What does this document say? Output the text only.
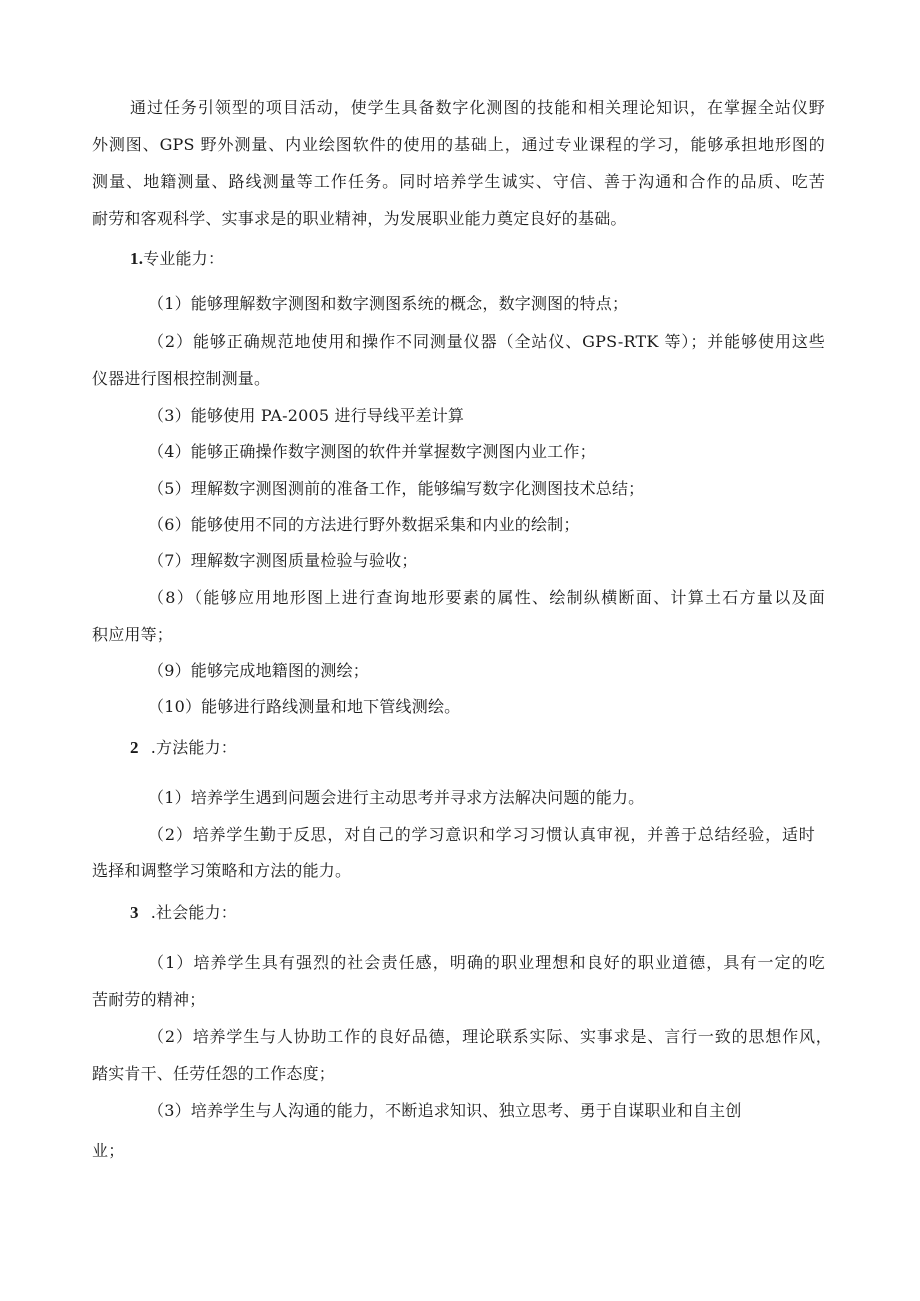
通过任务引领型的项目活动，使学生具备数字化测图的技能和相关理论知识，在掌握全站仪野
外测图、GPS 野外测量、内业绘图软件的使用的基础上，通过专业课程的学习，能够承担地形图的
测量、地籍测量、路线测量等工作任务。同时培养学生诚实、守信、善于沟通和合作的品质、吃苦
耐劳和客观科学、实事求是的职业精神，为发展职业能力奠定良好的基础。
1.专业能力：
（1）能够理解数字测图和数字测图系统的概念，数字测图的特点；
（2）能够正确规范地使用和操作不同测量仪器（全站仪、GPS-RTK 等）；并能够使用这些
仪器进行图根控制测量。
（3）能够使用 PA-2005 进行导线平差计算
（4）能够正确操作数字测图的软件并掌握数字测图内业工作；
（5）理解数字测图测前的准备工作，能够编写数字化测图技术总结；
（6）能够使用不同的方法进行野外数据采集和内业的绘制；
（7）理解数字测图质量检验与验收；
（8）（能够应用地形图上进行查询地形要素的属性、绘制纵横断面、计算土石方量以及面
积应用等；
（9）能够完成地籍图的测绘；
（10）能够进行路线测量和地下管线测绘。
2 .方法能力：
（1）培养学生遇到问题会进行主动思考并寻求方法解决问题的能力。
（2）培养学生勤于反思，对自己的学习意识和学习习惯认真审视，并善于总结经验，适时
选择和调整学习策略和方法的能力。
3 .社会能力：
（1）培养学生具有强烈的社会责任感，明确的职业理想和良好的职业道德，具有一定的吃
苦耐劳的精神；
（2）培养学生与人协助工作的良好品德，理论联系实际、实事求是、言行一致的思想作风，
踏实肯干、任劳任怨的工作态度；
（3）培养学生与人沟通的能力，不断追求知识、独立思考、勇于自谋职业和自主创
业；
